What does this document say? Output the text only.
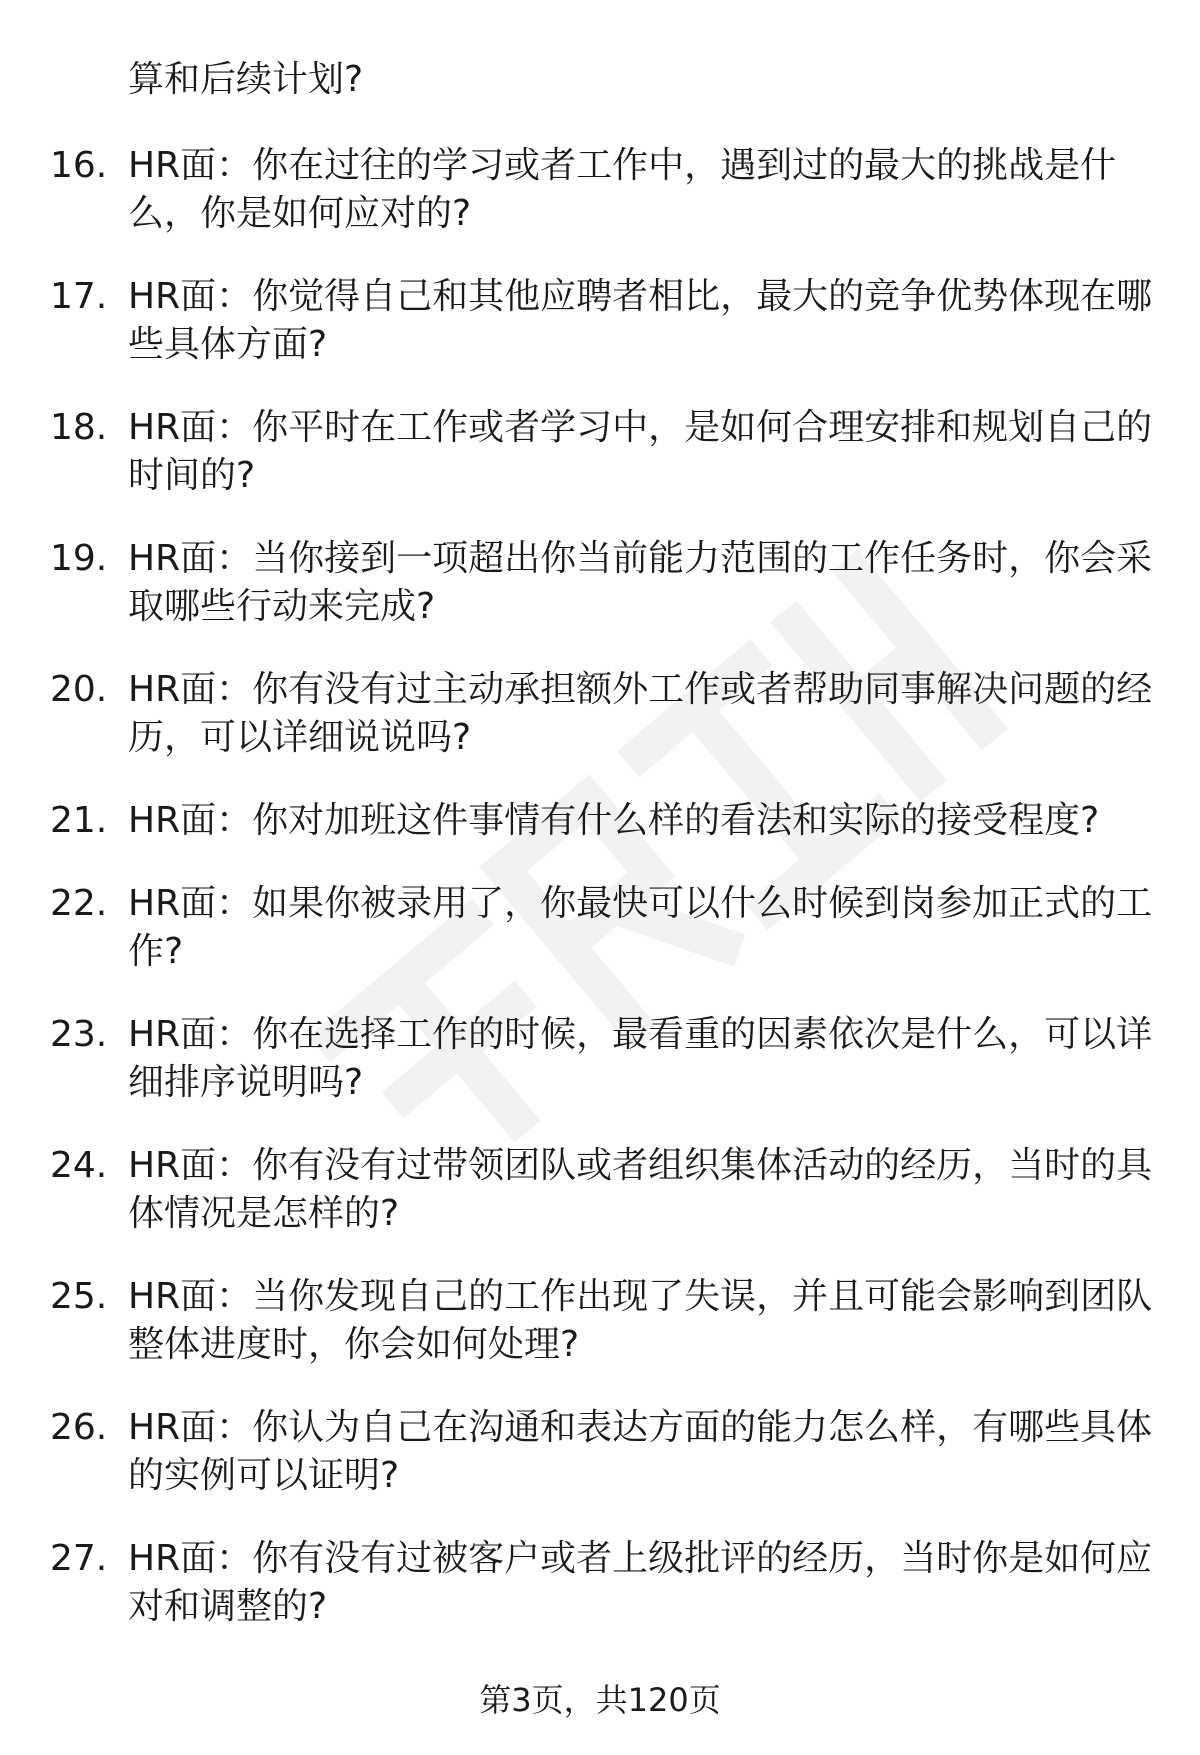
算和后续计划?
16. HR面：你在过往的学习或者工作中，遇到过的最大的挑战是什
么，你是如何应对的?
17. HR面：你觉得自己和其他应聘者相比，最大的竞争优势体现在哪
些具体方面?
18. HR面：你平时在工作或者学习中，是如何合理安排和规划自己的
时间的?
19. HR面：当你接到一项超出你当前能力范围的工作任务时，你会采
取哪些行动来完成?
20. HR面：你有没有过主动承担额外工作或者帮助同事解决问题的经
历，可以详细说说吗?
21. HR面：你对加班这件事情有什么样的看法和实际的接受程度?
22. HR面：如果你被录用了，你最快可以什么时候到岗参加正式的工
作?
23. HR面：你在选择工作的时候，最看重的因素依次是什么，可以详
细排序说明吗?
24. HR面：你有没有过带领团队或者组织集体活动的经历，当时的具
体情况是怎样的?
25. HR面：当你发现自己的工作出现了失误，并且可能会影响到团队
整体进度时，你会如何处理?
26. HR面：你认为自己在沟通和表达方面的能力怎么样，有哪些具体
的实例可以证明?
27. HR面：你有没有过被客户或者上级批评的经历，当时你是如何应
对和调整的?
第3页，共120页
